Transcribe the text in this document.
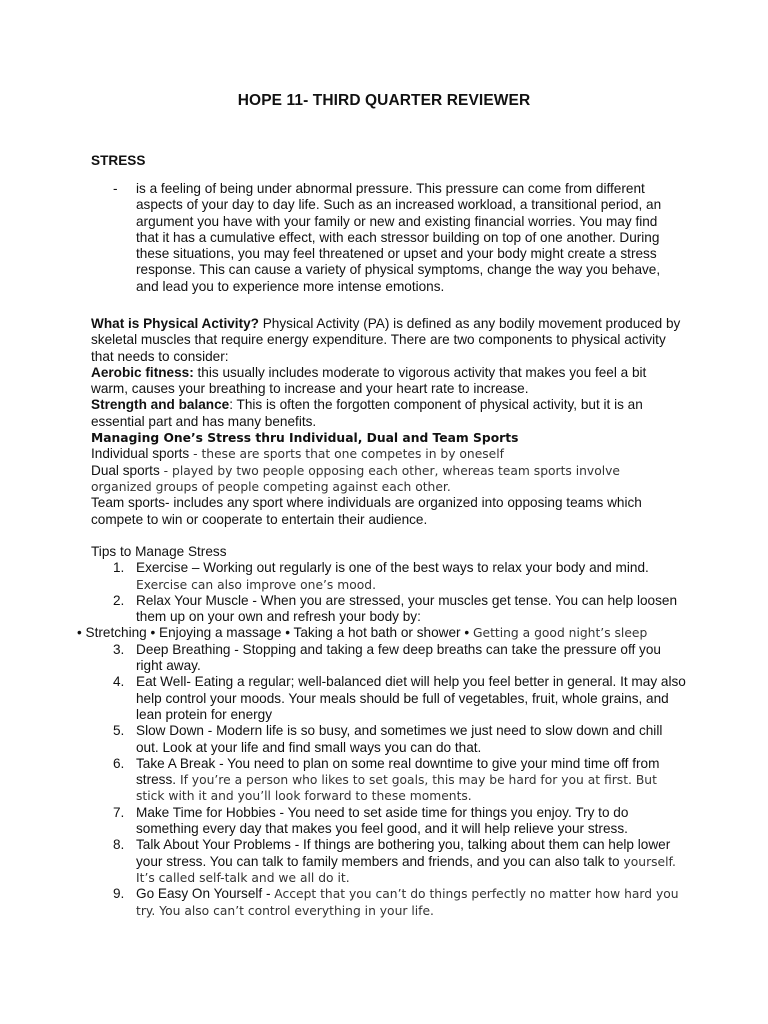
HOPE 11- THIRD QUARTER REVIEWER
STRESS
- is a feeling of being under abnormal pressure. This pressure can come from different aspects of your day to day life. Such as an increased workload, a transitional period, an argument you have with your family or new and existing financial worries. You may find that it has a cumulative effect, with each stressor building on top of one another. During these situations, you may feel threatened or upset and your body might create a stress response. This can cause a variety of physical symptoms, change the way you behave, and lead you to experience more intense emotions.

What is Physical Activity? Physical Activity (PA) is defined as any bodily movement produced by skeletal muscles that require energy expenditure. There are two components to physical activity that needs to consider:

Aerobic fitness: this usually includes moderate to vigorous activity that makes you feel a bit warm, causes your breathing to increase and your heart rate to increase.

Strength and balance: This is often the forgotten component of physical activity, but it is an essential part and has many benefits.

Managing One’s Stress thru Individual, Dual and Team Sports

Individual sports - these are sports that one competes in by oneself

Dual sports - played by two people opposing each other, whereas team sports involve organized groups of people competing against each other.

Team sports- includes any sport where individuals are organized into opposing teams which compete to win or cooperate to entertain their audience.

Tips to Manage Stress
1. Exercise – Working out regularly is one of the best ways to relax your body and mind.
Exercise can also improve one’s mood.
2. Relax Your Muscle - When you are stressed, your muscles get tense. You can help loosen them up on your own and refresh your body by:
• Stretching • Enjoying a massage • Taking a hot bath or shower • Getting a good night’s sleep
3. Deep Breathing - Stopping and taking a few deep breaths can take the pressure off you right away.
4. Eat Well- Eating a regular; well-balanced diet will help you feel better in general. It may also help control your moods. Your meals should be full of vegetables, fruit, whole grains, and lean protein for energy
5. Slow Down - Modern life is so busy, and sometimes we just need to slow down and chill out. Look at your life and find small ways you can do that.
6. Take A Break - You need to plan on some real downtime to give your mind time off from stress. If you’re a person who likes to set goals, this may be hard for you at first. But stick with it and you’ll look forward to these moments.
7. Make Time for Hobbies - You need to set aside time for things you enjoy. Try to do something every day that makes you feel good, and it will help relieve your stress.
8. Talk About Your Problems - If things are bothering you, talking about them can help lower your stress. You can talk to family members and friends, and you can also talk to yourself. It’s called self-talk and we all do it.
9. Go Easy On Yourself - Accept that you can’t do things perfectly no matter how hard you try. You also can’t control everything in your life.
